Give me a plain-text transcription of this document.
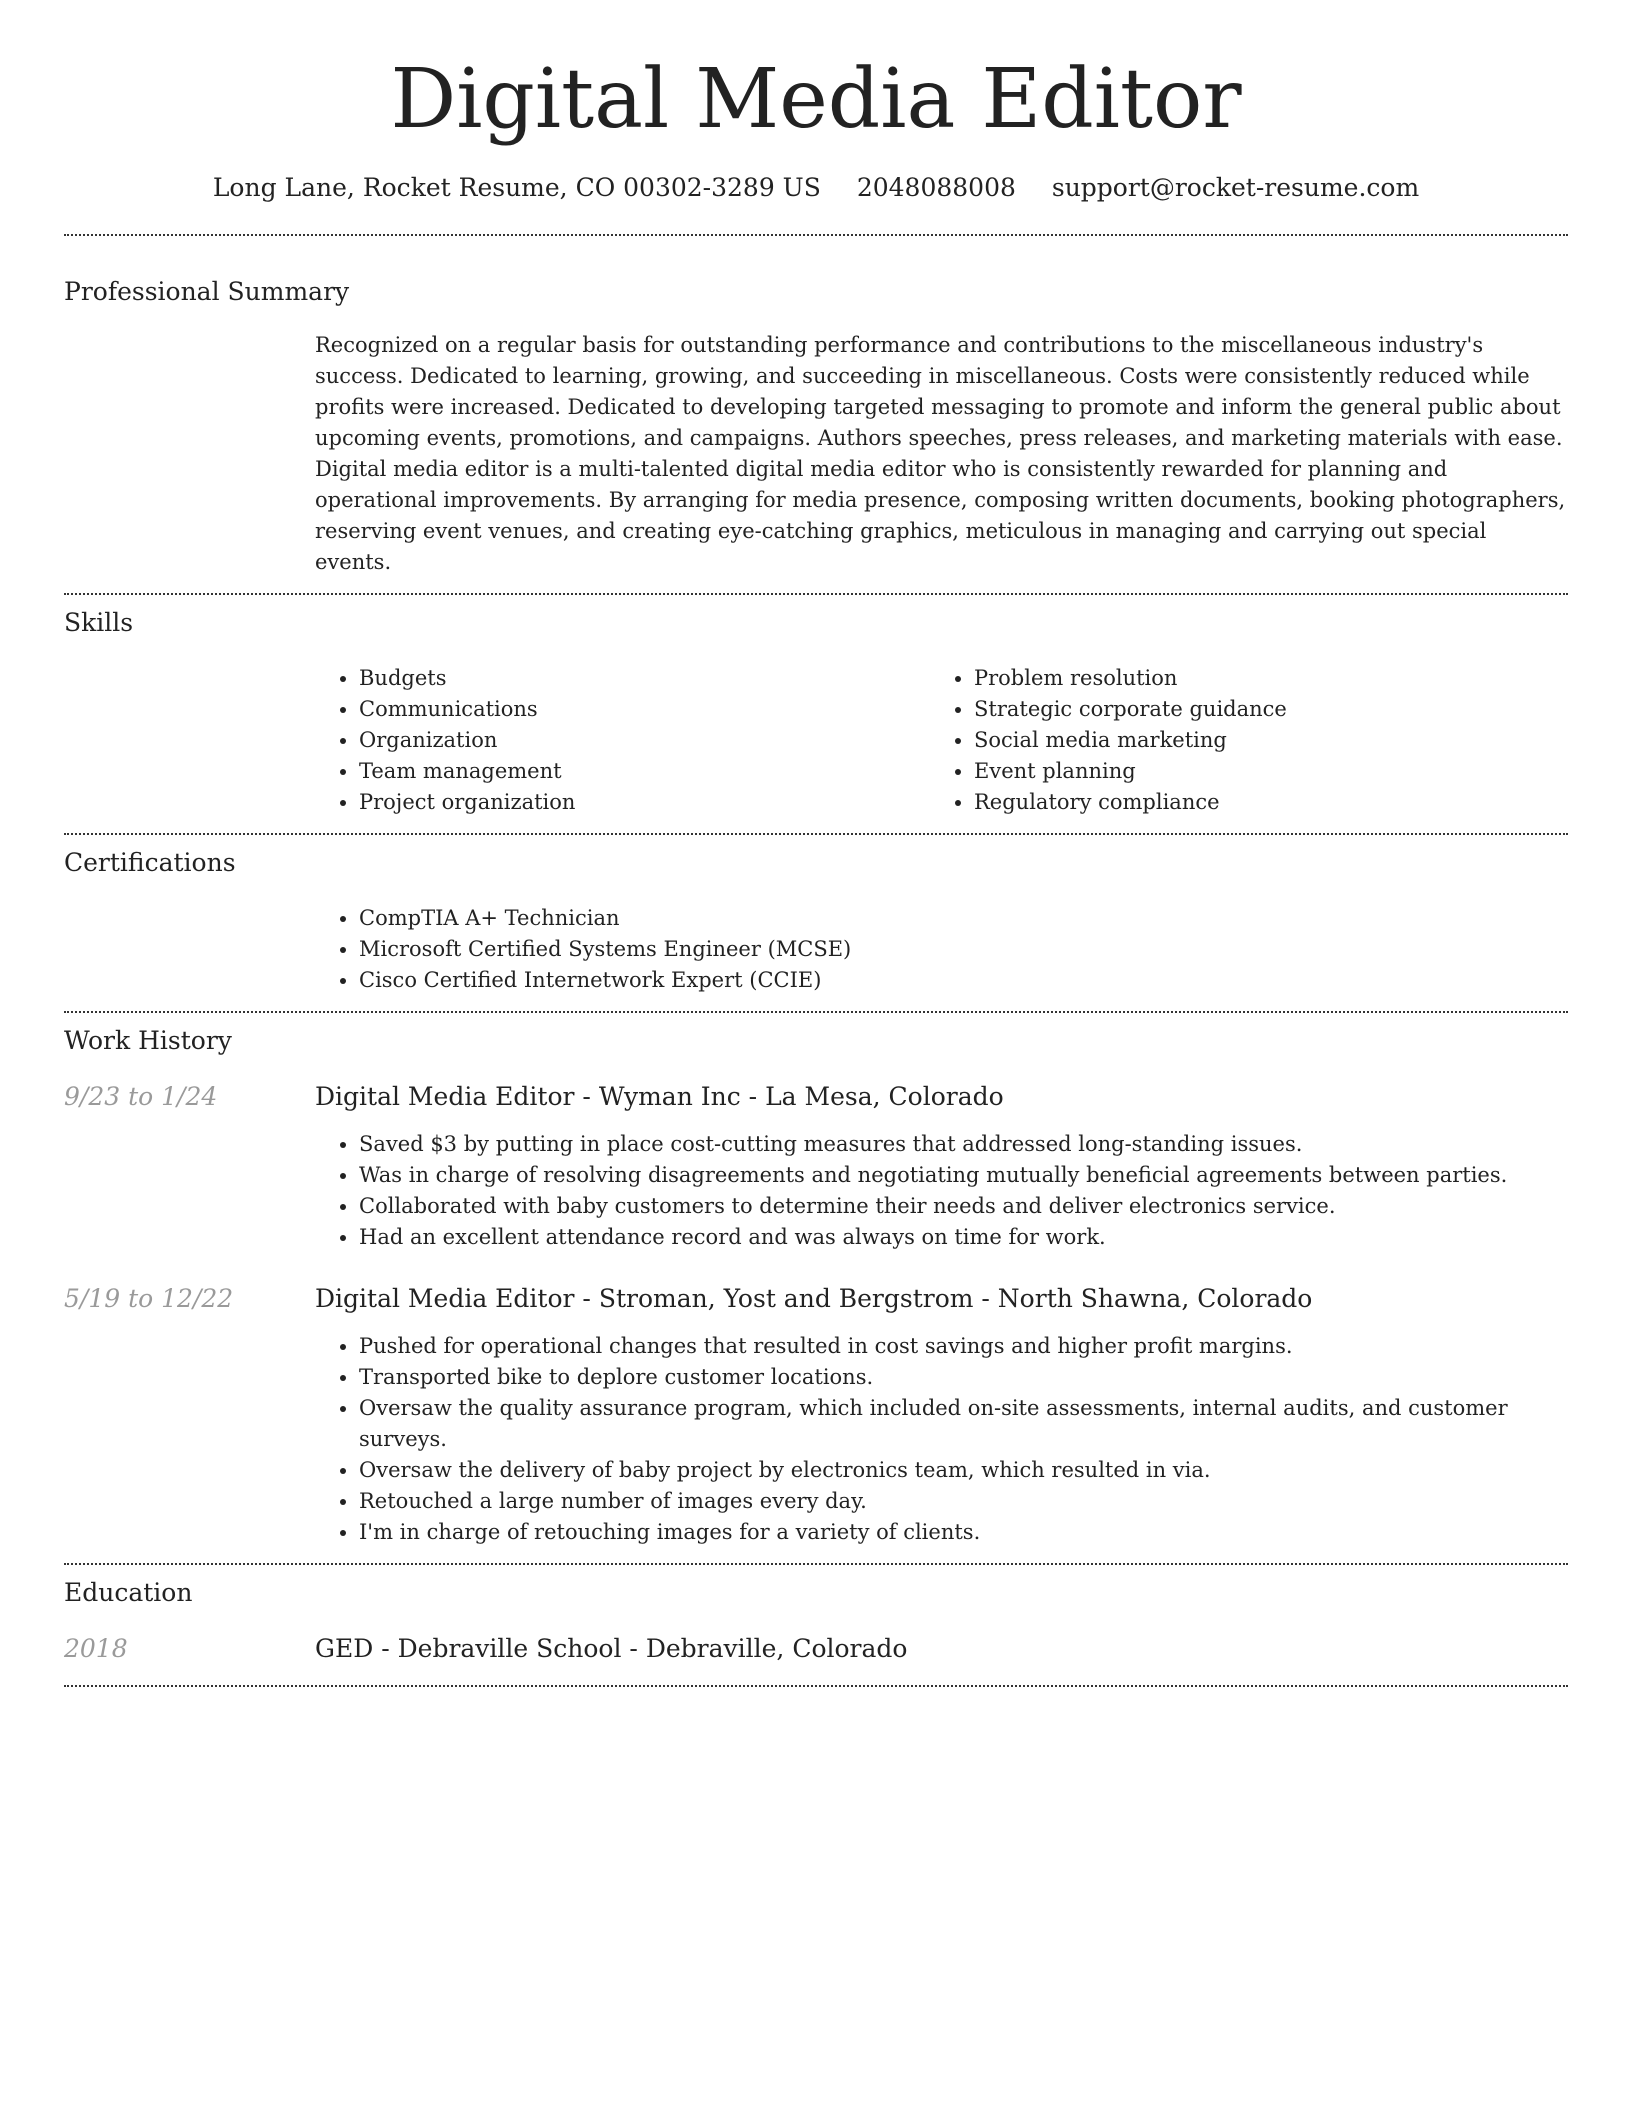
Digital Media Editor
Long Lane, Rocket Resume, CO 00302-3289 US 2048088008 support@rocket-resume.com
Professional Summary

Recognized on a regular basis for outstanding performance and contributions to the miscellaneous industry's success. Dedicated to learning, growing, and succeeding in miscellaneous. Costs were consistently reduced while profits were increased. Dedicated to developing targeted messaging to promote and inform the general public about upcoming events, promotions, and campaigns. Authors speeches, press releases, and marketing materials with ease. Digital media editor is a multi-talented digital media editor who is consistently rewarded for planning and operational improvements. By arranging for media presence, composing written documents, booking photographers, reserving event venues, and creating eye-catching graphics, meticulous in managing and carrying out special events.

Skills
• Budgets
• Communications
• Organization
• Team management
• Project organization
• Problem resolution
• Strategic corporate guidance
• Social media marketing
• Event planning
• Regulatory compliance
Certifications
• CompTIA A+ Technician
• Microsoft Certified Systems Engineer (MCSE)
• Cisco Certified Internetwork Expert (CCIE)
Work History
9/23 to 1/24	Digital Media Editor - Wyman Inc - La Mesa, Colorado
• Saved $3 by putting in place cost-cutting measures that addressed long-standing issues.
• Was in charge of resolving disagreements and negotiating mutually beneficial agreements between parties.
• Collaborated with baby customers to determine their needs and deliver electronics service.
• Had an excellent attendance record and was always on time for work.
5/19 to 12/22	Digital Media Editor - Stroman, Yost and Bergstrom - North Shawna, Colorado
• Pushed for operational changes that resulted in cost savings and higher profit margins.
• Transported bike to deplore customer locations.
• Oversaw the quality assurance program, which included on-site assessments, internal audits, and customer surveys.
• Oversaw the delivery of baby project by electronics team, which resulted in via.
• Retouched a large number of images every day.
• I'm in charge of retouching images for a variety of clients.
Education
2018	GED - Debraville School - Debraville, Colorado
